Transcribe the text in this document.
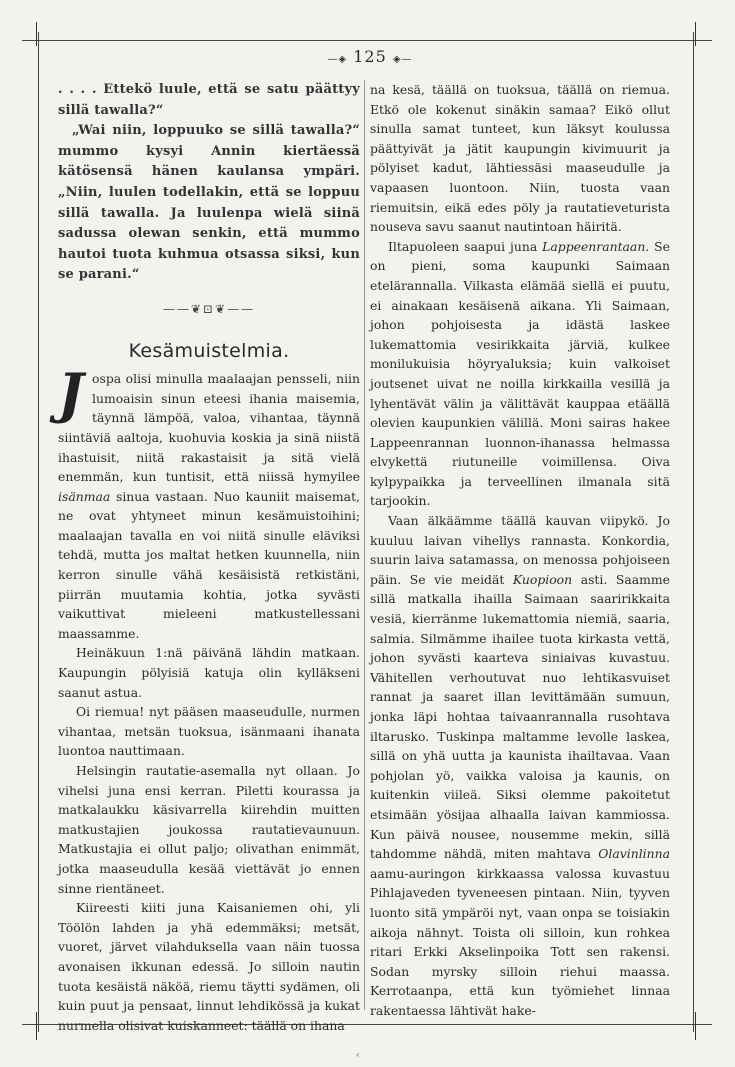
—◈ 125 ◈—

. . . . Ettekö luule, että se satu päättyy sillä tawalla?“

„Wai niin, loppuuko se sillä tawalla?“ mummo kysyi Annin kiertäessä kätösensä hänen kaulansa ympäri. „Niin, luulen todellakin, että se loppuu sillä tawalla. Ja luulenpa wielä siinä sadussa olewan senkin, että mummo hautoi tuota kuhmua otsassa siksi, kun se parani.“

——❦⊡❦——
Kesämuistelmia.

Jospa olisi minulla maalaajan pensseli, niin lumoaisin sinun eteesi ihania maisemia, täynnä lämpöä, valoa, vihantaa, täynnä siintäviä aaltoja, kuohuvia koskia ja sinä niistä ihastuisit, niitä rakastaisit ja sitä vielä enemmän, kun tuntisit, että niissä hymyilee isänmaa sinua vastaan. Nuo kauniit maisemat, ne ovat yhtyneet minun kesämuistoihini; maalaajan tavalla en voi niitä sinulle eläviksi tehdä, mutta jos maltat hetken kuunnella, niin kerron sinulle vähä kesäisistä retkistäni, piirrän muutamia kohtia, jotka syvästi vaikuttivat mieleeni matkustellessani maassamme.

Heinäkuun 1:nä päivänä lähdin matkaan. Kaupungin pölyisiä katuja olin kylläkseni saanut astua.

Oi riemua! nyt pääsen maaseudulle, nurmen vihantaa, metsän tuoksua, isänmaani ihanata luontoa nauttimaan.

Helsingin rautatie-asemalla nyt ollaan. Jo vihelsi juna ensi kerran. Piletti kourassa ja matkalaukku käsivarrella kiirehdin muitten matkustajien joukossa rautatievaunuun. Matkustajia ei ollut paljo; olivathan enimmät, jotka maaseudulla kesää viettävät jo ennen sinne rientäneet.

Kiireesti kiiti juna Kaisaniemen ohi, yli Töölön lahden ja yhä edemmäksi; metsät, vuoret, järvet vilahduksella vaan näin tuossa avonaisen ikkunan edessä. Jo silloin nautin tuota kesäistä näköä, riemu täytti sydämen, oli kuin puut ja pensaat, linnut lehdikössä ja kukat nurmella olisivat kuiskanneet: täällä on ihana

na kesä, täällä on tuoksua, täällä on riemua. Etkö ole kokenut sinäkin samaa? Eikö ollut sinulla samat tunteet, kun läksyt koulussa päättyivät ja jätit kaupungin kivimuurit ja pölyiset kadut, lähtiessäsi maaseudulle ja vapaasen luontoon. Niin, tuosta vaan riemuitsin, eikä edes pöly ja rautatieveturista nouseva savu saanut nautintoan häiritä.

Iltapuoleen saapui juna Lappeenrantaan. Se on pieni, soma kaupunki Saimaan etelärannalla. Vilkasta elämää siellä ei puutu, ei ainakaan kesäisenä aikana. Yli Saimaan, johon pohjoisesta ja idästä laskee lukemattomia vesirikkaita järviä, kulkee monilukuisia höyryaluksia; kuin valkoiset joutsenet uivat ne noilla kirkkailla vesillä ja lyhentävät välin ja välittävät kauppaa etäällä olevien kaupunkien välillä. Moni sairas hakee Lappeenrannan luonnon-ihanassa helmassa elvykettä riutuneille voimillensa. Oiva kylpypaikka ja terveellinen ilmanala sitä tarjookin.

Vaan älkäämme täällä kauvan viipykö. Jo kuuluu laivan vihellys rannasta. Konkordia, suurin laiva satamassa, on menossa pohjoiseen päin. Se vie meidät Kuopioon asti. Saamme sillä matkalla ihailla Saimaan saaririkkaita vesiä, kierränme lukemattomia niemiä, saaria, salmia. Silmämme ihailee tuota kirkasta vettä, johon syvästi kaarteva siniaivas kuvastuu. Vähitellen verhoutuvat nuo lehtikasvuiset rannat ja saaret illan levittämään sumuun, jonka läpi hohtaa taivaanrannalla rusohtava iltarusko. Tuskinpa maltamme levolle laskea, sillä on yhä uutta ja kaunista ihailtavaa. Vaan pohjolan yö, vaikka valoisa ja kaunis, on kuitenkin viileä. Siksi olemme pakoitetut etsimään yösijaa alhaalla laivan kammiossa. Kun päivä nousee, nousemme mekin, sillä tahdomme nähdä, miten mahtava Olavinlinna aamu-auringon kirkkaassa valossa kuvastuu Pihlajaveden tyveneesen pintaan. Niin, tyyven luonto sitä ympäröi nyt, vaan onpa se toisiakin aikoja nähnyt. Toista oli silloin, kun rohkea ritari Erkki Akselinpoika Tott sen rakensi. Sodan myrsky silloin riehui maassa. Kerrotaanpa, että kun työmiehet linnaa rakentaessa lähtivät hake-

‹
